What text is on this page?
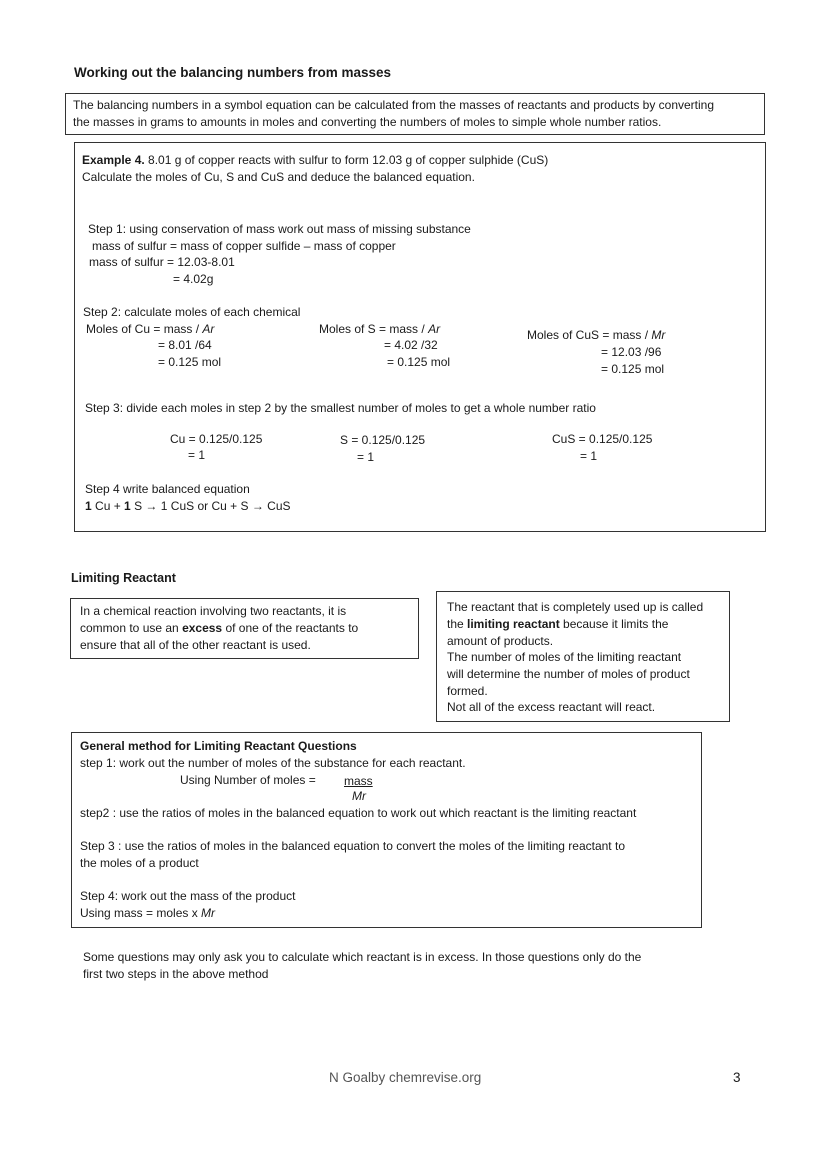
Working out the balancing numbers from masses
The balancing numbers in a symbol equation can be calculated from the masses of reactants and products by converting
the masses in grams to amounts in moles and converting the numbers of moles to simple whole number ratios.
Example 4. 8.01 g of copper reacts with sulfur to form 12.03 g of copper sulphide (CuS)
Calculate the moles of Cu, S and CuS and deduce the balanced equation.
Step 1: using conservation of mass work out mass of missing substance
mass of sulfur = mass of copper sulfide – mass of copper
mass of sulfur = 12.03-8.01
= 4.02g
Step 2: calculate moles of each chemical
Moles of Cu = mass / Ar
= 8.01 /64
= 0.125 mol
Moles of S = mass / Ar
= 4.02 /32
= 0.125 mol
Moles of CuS = mass / Mr
= 12.03 /96
= 0.125 mol
Step 3: divide each moles in step 2 by the smallest number of moles to get a whole number ratio
Cu = 0.125/0.125
= 1
S = 0.125/0.125
= 1
CuS = 0.125/0.125
= 1
Step 4 write balanced equation
1 Cu + 1 S → 1 CuS or Cu + S → CuS
Limiting Reactant
In a chemical reaction involving two reactants, it is
common to use an excess of one of the reactants to
ensure that all of the other reactant is used.
The reactant that is completely used up is called
the limiting reactant because it limits the
amount of products.
The number of moles of the limiting reactant
will determine the number of moles of product
formed.
Not all of the excess reactant will react.
General method for Limiting Reactant Questions
step 1: work out the number of moles of the substance for each reactant.
Using Number of moles = mass
Mr
step2 : use the ratios of moles in the balanced equation to work out which reactant is the limiting reactant
Step 3 : use the ratios of moles in the balanced equation to convert the moles of the limiting reactant to
the moles of a product
Step 4: work out the mass of the product
Using mass = moles x Mr
Some questions may only ask you to calculate which reactant is in excess. In those questions only do the
first two steps in the above method
N Goalby chemrevise.org	3
